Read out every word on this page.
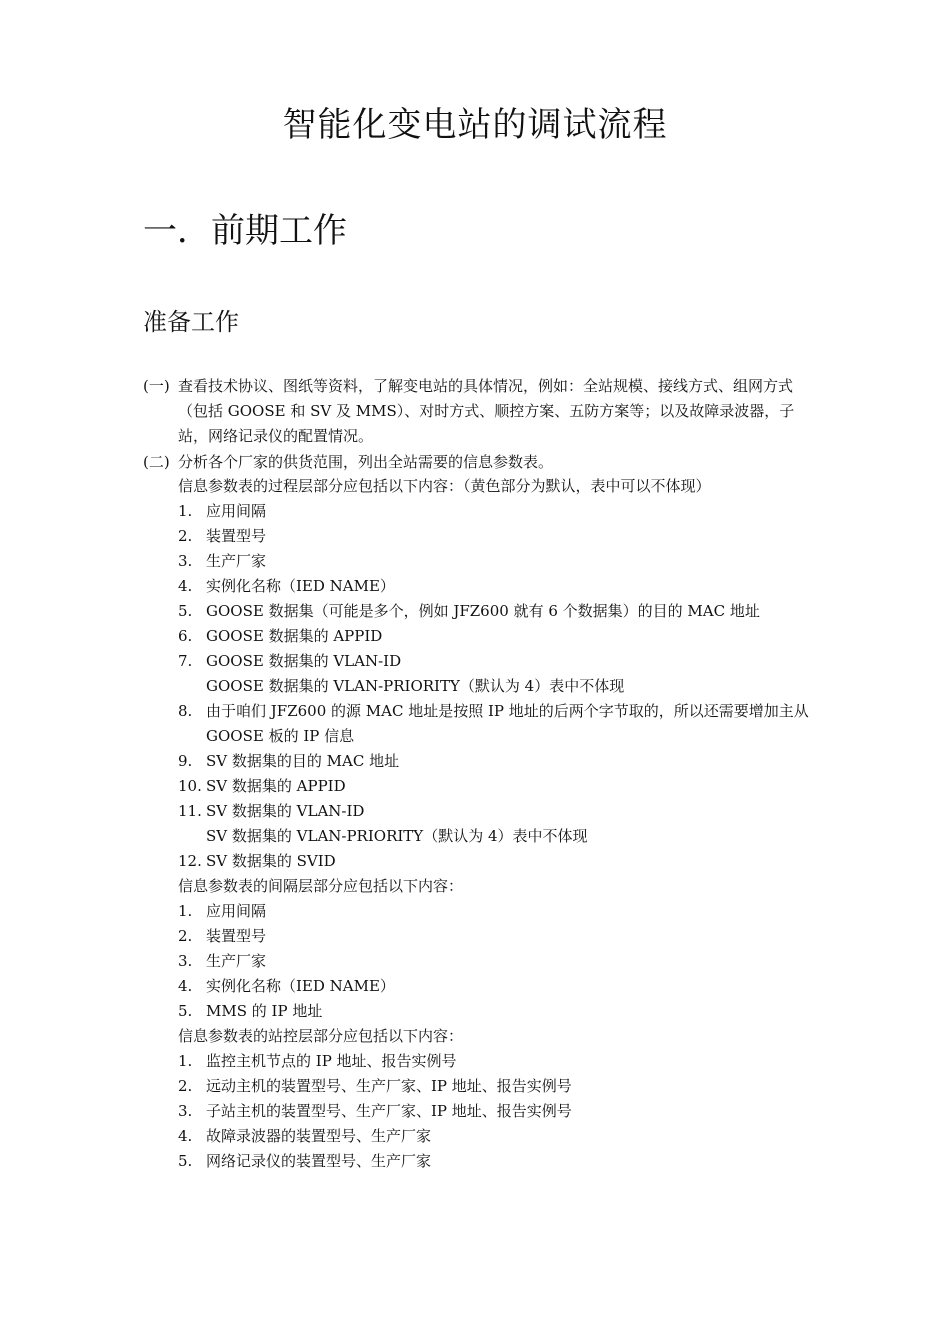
智能化变电站的调试流程
一．前期工作
准备工作
(一) 查看技术协议、图纸等资料，了解变电站的具体情况，例如：全站规模、接线方式、组网方式（包括 GOOSE 和 SV 及 MMS）、对时方式、顺控方案、五防方案等；以及故障录波器，子站，网络记录仪的配置情况。
(二) 分析各个厂家的供货范围，列出全站需要的信息参数表。
信息参数表的过程层部分应包括以下内容：（黄色部分为默认，表中可以不体现）
1. 应用间隔
2. 装置型号
3. 生产厂家
4. 实例化名称（IED NAME）
5. GOOSE 数据集（可能是多个，例如 JFZ600 就有 6 个数据集）的目的 MAC 地址
6. GOOSE 数据集的 APPID
7. GOOSE 数据集的 VLAN-ID
GOOSE 数据集的 VLAN-PRIORITY（默认为 4）表中不体现
8. 由于咱们 JFZ600 的源 MAC 地址是按照 IP 地址的后两个字节取的，所以还需要增加主从 GOOSE 板的 IP 信息
9. SV 数据集的目的 MAC 地址
10. SV 数据集的 APPID
11. SV 数据集的 VLAN-ID
SV 数据集的 VLAN-PRIORITY（默认为 4）表中不体现
12. SV 数据集的 SVID
信息参数表的间隔层部分应包括以下内容：
1. 应用间隔
2. 装置型号
3. 生产厂家
4. 实例化名称（IED NAME）
5. MMS 的 IP 地址
信息参数表的站控层部分应包括以下内容：
1. 监控主机节点的 IP 地址、报告实例号
2. 远动主机的装置型号、生产厂家、IP 地址、报告实例号
3. 子站主机的装置型号、生产厂家、IP 地址、报告实例号
4. 故障录波器的装置型号、生产厂家
5. 网络记录仪的装置型号、生产厂家
